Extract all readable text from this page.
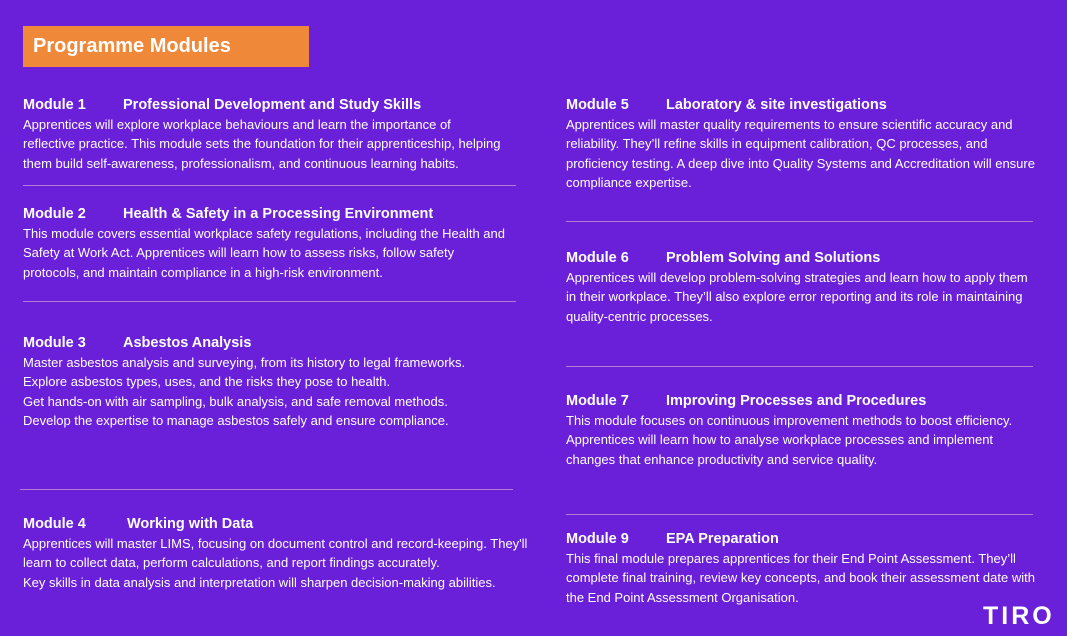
Programme Modules
Module 1	Professional Development and Study Skills
Apprentices will explore workplace behaviours and learn the importance of
reflective practice. This module sets the foundation for their apprenticeship, helping
them build self-awareness, professionalism, and continuous learning habits.
Module 2	Health & Safety in a Processing Environment
This module covers essential workplace safety regulations, including the Health and
Safety at Work Act. Apprentices will learn how to assess risks, follow safety
protocols, and maintain compliance in a high-risk environment.
Module 3	Asbestos Analysis
Master asbestos analysis and surveying, from its history to legal frameworks.
Explore asbestos types, uses, and the risks they pose to health.
Get hands-on with air sampling, bulk analysis, and safe removal methods.
Develop the expertise to manage asbestos safely and ensure compliance.
Module 4	Working with Data
Apprentices will master LIMS, focusing on document control and record-keeping. They'll
learn to collect data, perform calculations, and report findings accurately.
Key skills in data analysis and interpretation will sharpen decision-making abilities.
Module 5	Laboratory & site investigations
Apprentices will master quality requirements to ensure scientific accuracy and
reliability. They’ll refine skills in equipment calibration, QC processes, and
proficiency testing. A deep dive into Quality Systems and Accreditation will ensure
compliance expertise.
Module 6	Problem Solving and Solutions
Apprentices will develop problem-solving strategies and learn how to apply them
in their workplace. They’ll also explore error reporting and its role in maintaining
quality-centric processes.
Module 7	Improving Processes and Procedures
This module focuses on continuous improvement methods to boost efficiency.
Apprentices will learn how to analyse workplace processes and implement
changes that enhance productivity and service quality.
Module 9	EPA Preparation
This final module prepares apprentices for their End Point Assessment. They’ll
complete final training, review key concepts, and book their assessment date with
the End Point Assessment Organisation.
TIRO
